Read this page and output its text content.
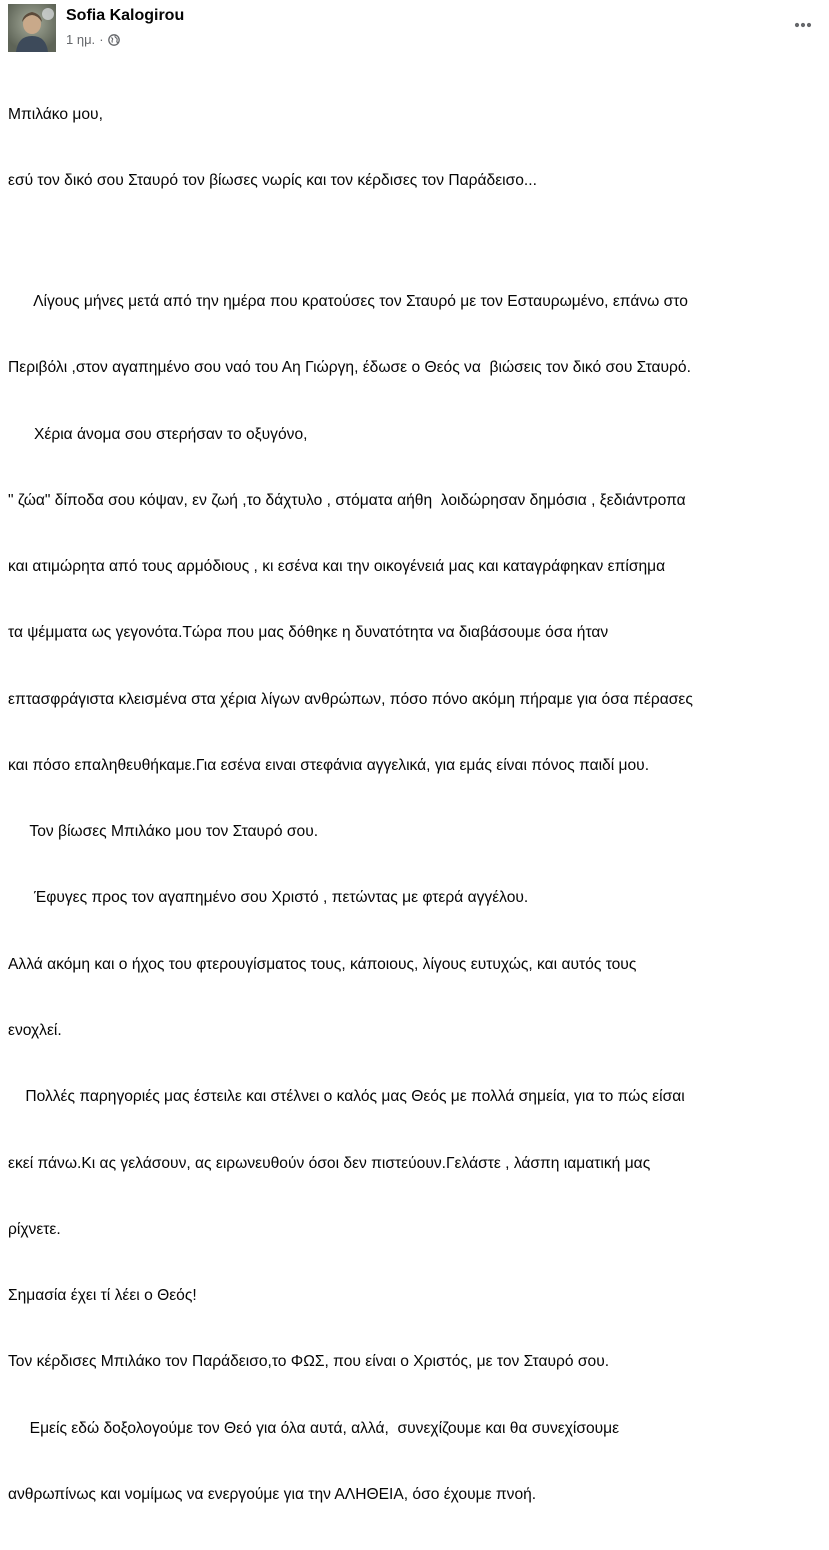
Sofia Kalogirou
1 ημ. ·

Μπιλάκο μου,

εσύ τον δικό σου Σταυρό τον βίωσες νωρίς και τον κέρδισες τον Παράδεισο...

Λίγους μήνες μετά από την ημέρα που κρατούσες τον Σταυρό με τον Εσταυρωμένο, επάνω στο

Περιβόλι ,στον αγαπημένο σου ναό του Αη Γιώργη, έδωσε ο Θεός να  βιώσεις τον δικό σου Σταυρό.

Χέρια άνομα σου στερήσαν το οξυγόνο,

" ζώα" δίποδα σου κόψαν, εν ζωή ,το δάχτυλο , στόματα αήθη  λοιδώρησαν δημόσια , ξεδιάντροπα

και ατιμώρητα από τους αρμόδιους , κι εσένα και την οικογένειά μας και καταγράφηκαν επίσημα

τα ψέμματα ως γεγονότα.Τώρα που μας δόθηκε η δυνατότητα να διαβάσουμε όσα ήταν

επτασφράγιστα κλεισμένα στα χέρια λίγων ανθρώπων, πόσο πόνο ακόμη πήραμε για όσα πέρασες

και πόσο επαληθευθήκαμε.Για εσένα ειναι στεφάνια αγγελικά, για εμάς είναι πόνος παιδί μου.

Τον βίωσες Μπιλάκο μου τον Σταυρό σου.

Έφυγες προς τον αγαπημένο σου Χριστό , πετώντας με φτερά αγγέλου.

Αλλά ακόμη και ο ήχος του φτερουγίσματος τους, κάποιους, λίγους ευτυχώς, και αυτός τους

ενοχλεί.

Πολλές παρηγοριές μας έστειλε και στέλνει ο καλός μας Θεός με πολλά σημεία, για το πώς είσαι

εκεί πάνω.Κι ας γελάσουν, ας ειρωνευθούν όσοι δεν πιστεύουν.Γελάστε , λάσπη ιαματική μας

ρίχνετε.

Σημασία έχει τί λέει ο Θεός!

Τον κέρδισες Μπιλάκο τον Παράδεισο,το ΦΩΣ, που είναι ο Χριστός, με τον Σταυρό σου.

Εμείς εδώ δοξολογούμε τον Θεό για όλα αυτά, αλλά,  συνεχίζουμε και θα συνεχίσουμε

ανθρωπίνως και νομίμως να ενεργούμε για την ΑΛΗΘΕΙΑ, όσο έχουμε πνοή.
